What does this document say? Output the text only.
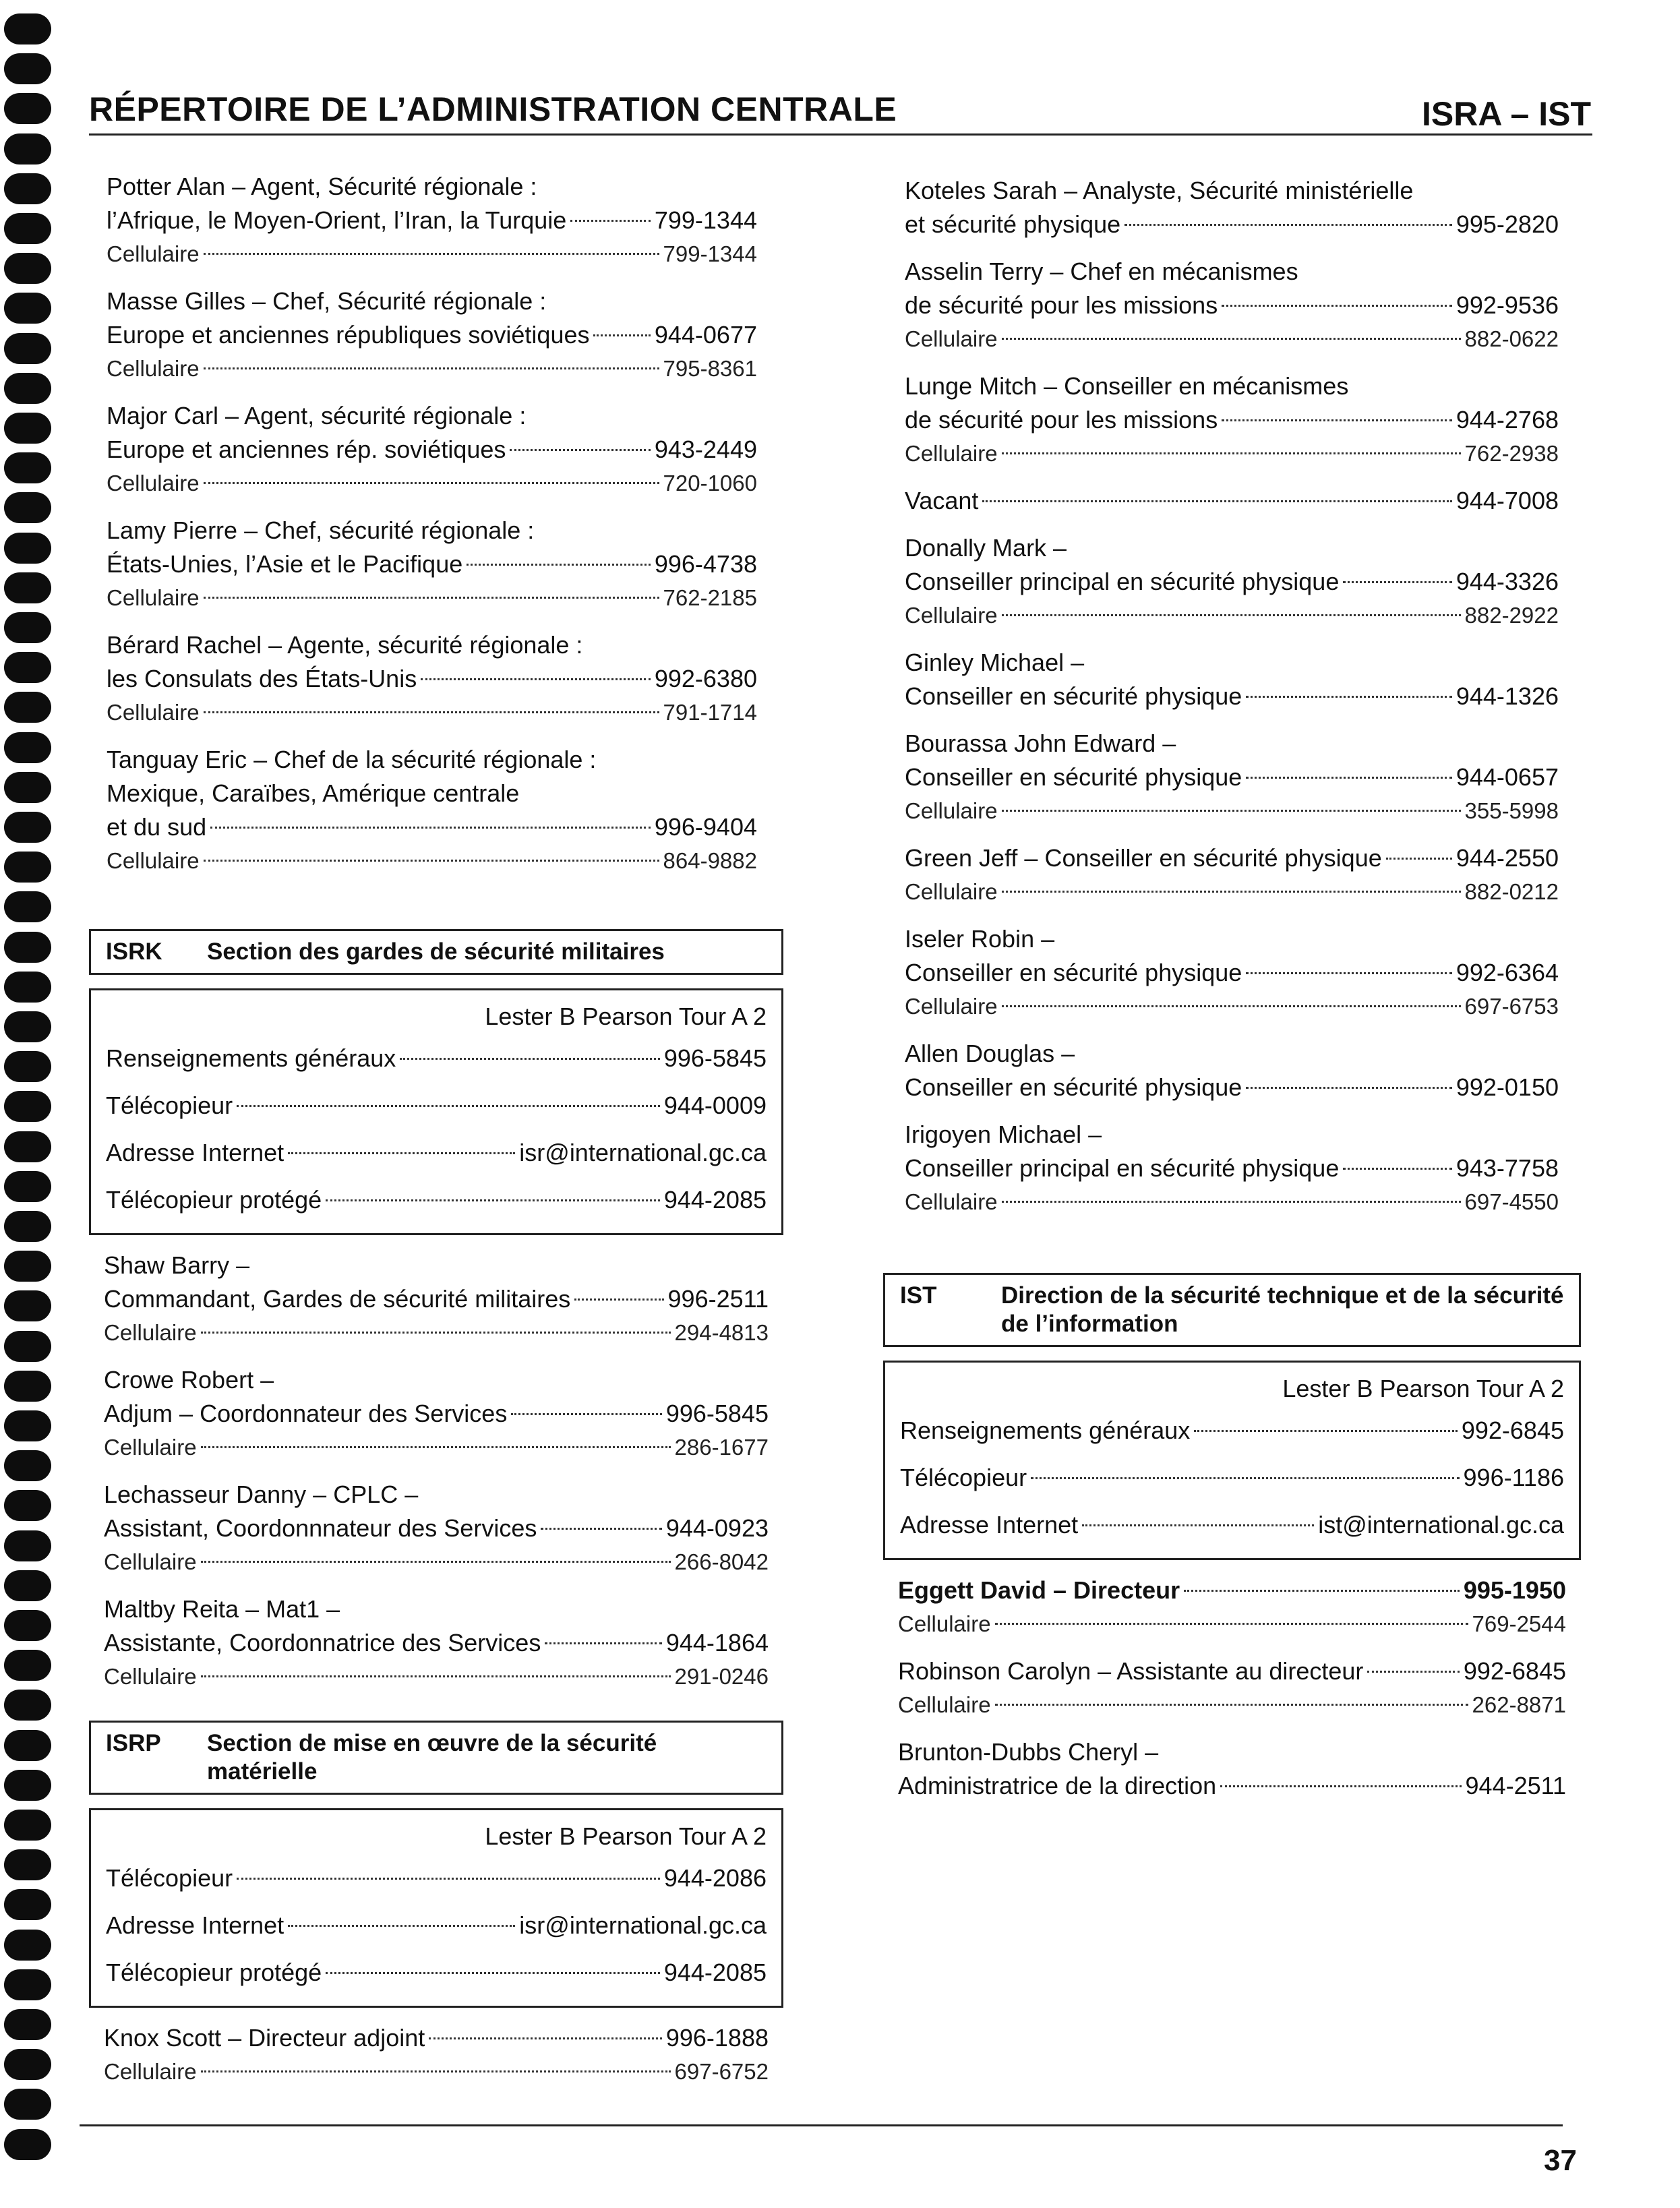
RÉPERTOIRE DE L’ADMINISTRATION CENTRALE	ISRA – IST
Potter Alan – Agent, Sécurité régionale :
l’Afrique, le Moyen-Orient, l’Iran, la Turquie	799-1344
Cellulaire	799-1344
Masse Gilles – Chef, Sécurité régionale :
Europe et anciennes républiques soviétiques	944-0677
Cellulaire	795-8361
Major Carl – Agent, sécurité régionale :
Europe et anciennes rép. soviétiques	943-2449
Cellulaire	720-1060
Lamy Pierre – Chef, sécurité régionale :
États-Unies, l’Asie et le Pacifique	996-4738
Cellulaire	762-2185
Bérard Rachel – Agente, sécurité régionale :
les Consulats des États-Unis	992-6380
Cellulaire	791-1714
Tanguay Eric – Chef de la sécurité régionale :
Mexique, Caraïbes, Amérique centrale
et du sud	996-9404
Cellulaire	864-9882
ISRK	Section des gardes de sécurité militaires
Lester B Pearson Tour A 2
Renseignements généraux	996-5845
Télécopieur	944-0009
Adresse Internet	isr@international.gc.ca
Télécopieur protégé	944-2085
Shaw Barry –
Commandant, Gardes de sécurité militaires	996-2511
Cellulaire	294-4813
Crowe Robert –
Adjum – Coordonnateur des Services	996-5845
Cellulaire	286-1677
Lechasseur Danny – CPLC –
Assistant, Coordonnnateur des Services	944-0923
Cellulaire	266-8042
Maltby Reita – Mat1 –
Assistante, Coordonnatrice des Services	944-1864
Cellulaire	291-0246
ISRP	Section de mise en œuvre de la sécurité matérielle
Lester B Pearson Tour A 2
Télécopieur	944-2086
Adresse Internet	isr@international.gc.ca
Télécopieur protégé	944-2085
Knox Scott – Directeur adjoint	996-1888
Cellulaire	697-6752
Koteles Sarah – Analyste, Sécurité ministérielle
et sécurité physique	995-2820
Asselin Terry – Chef en mécanismes
de sécurité pour les missions	992-9536
Cellulaire	882-0622
Lunge Mitch – Conseiller en mécanismes
de sécurité pour les missions	944-2768
Cellulaire	762-2938
Vacant	944-7008
Donally Mark –
Conseiller principal en sécurité physique	944-3326
Cellulaire	882-2922
Ginley Michael –
Conseiller en sécurité physique	944-1326
Bourassa John Edward –
Conseiller en sécurité physique	944-0657
Cellulaire	355-5998
Green Jeff – Conseiller en sécurité physique	944-2550
Cellulaire	882-0212
Iseler Robin –
Conseiller en sécurité physique	992-6364
Cellulaire	697-6753
Allen Douglas –
Conseiller en sécurité physique	992-0150
Irigoyen Michael –
Conseiller principal en sécurité physique	943-7758
Cellulaire	697-4550
IST	Direction de la sécurité technique et de la sécurité de l’information
Lester B Pearson Tour A 2
Renseignements généraux	992-6845
Télécopieur	996-1186
Adresse Internet	ist@international.gc.ca
Eggett David – Directeur	995-1950
Cellulaire	769-2544
Robinson Carolyn – Assistante au directeur	992-6845
Cellulaire	262-8871
Brunton-Dubbs Cheryl –
Administratrice de la direction	944-2511
37
